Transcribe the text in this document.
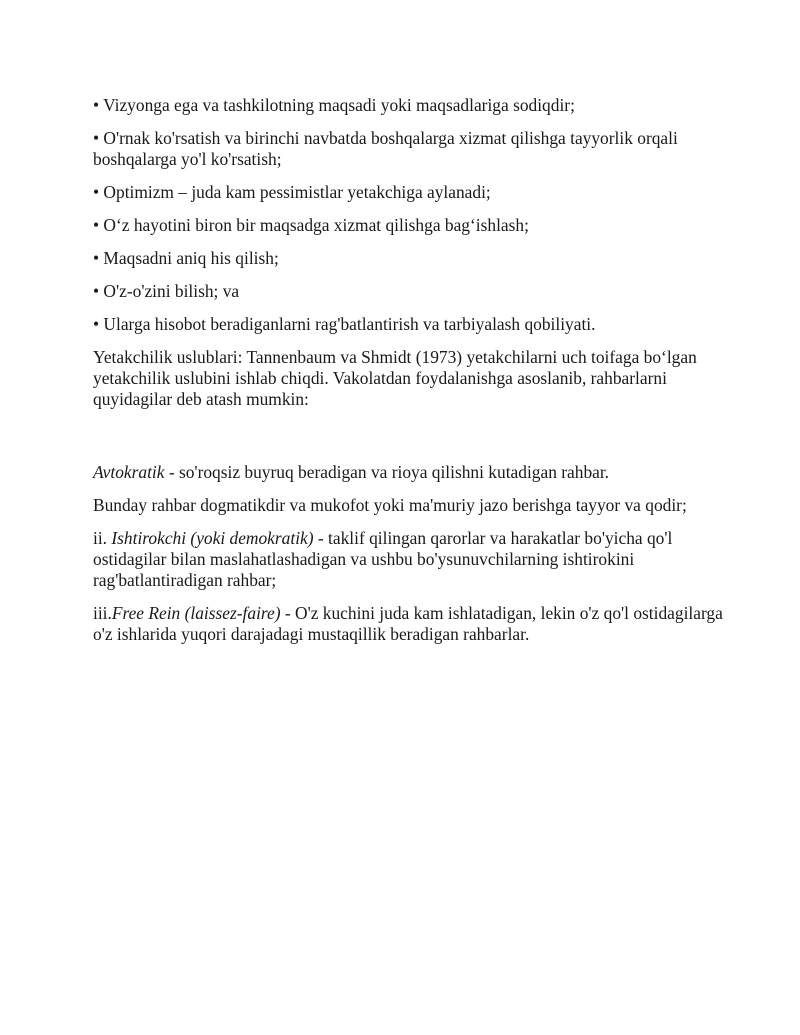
• Vizyonga ega va tashkilotning maqsadi yoki maqsadlariga sodiqdir;

• O'rnak ko'rsatish va birinchi navbatda boshqalarga xizmat qilishga tayyorlik orqali boshqalarga yo'l ko'rsatish;

• Optimizm – juda kam pessimistlar yetakchiga aylanadi;

• O‘z hayotini biron bir maqsadga xizmat qilishga bag‘ishlash;

• Maqsadni aniq his qilish;

• O'z-o'zini bilish; va

• Ularga hisobot beradiganlarni rag'batlantirish va tarbiyalash qobiliyati.

Yetakchilik uslublari: Tannenbaum va Shmidt (1973) yetakchilarni uch toifaga bo‘lgan yetakchilik uslubini ishlab chiqdi. Vakolatdan foydalanishga asoslanib, rahbarlarni quyidagilar deb atash mumkin:

Avtokratik - so'roqsiz buyruq beradigan va rioya qilishni kutadigan rahbar.

Bunday rahbar dogmatikdir va mukofot yoki ma'muriy jazo berishga tayyor va qodir;

ii. Ishtirokchi (yoki demokratik) - taklif qilingan qarorlar va harakatlar bo'yicha qo'l ostidagilar bilan maslahatlashadigan va ushbu bo'ysunuvchilarning ishtirokini rag'batlantiradigan rahbar;

iii.Free Rein (laissez-faire) - O'z kuchini juda kam ishlatadigan, lekin o'z qo'l ostidagilarga o'z ishlarida yuqori darajadagi mustaqillik beradigan rahbarlar.
